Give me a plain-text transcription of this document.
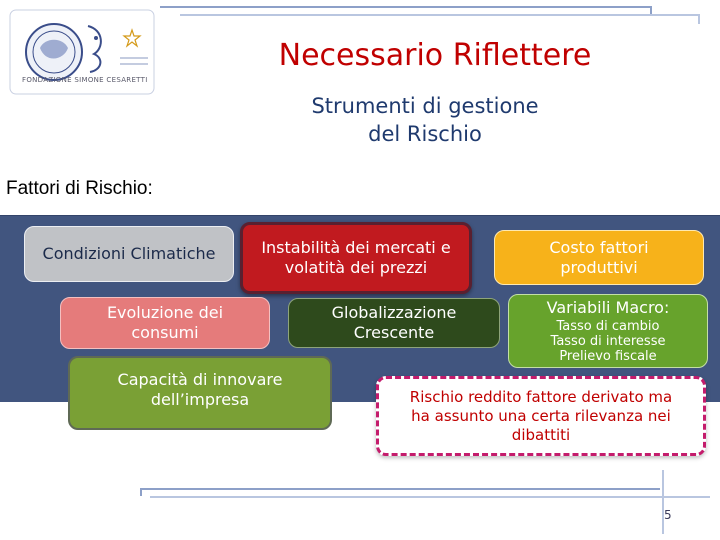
FONDAZIONE SIMONE CESARETTI
Necessario Riflettere
Strumenti di gestione
del Rischio
Fattori di Rischio:
Condizioni Climatiche	Instabilità dei mercati e
volatità dei prezzi
Costo fattori
produttivi
Evoluzione dei
consumi
Globalizzazione
Crescente
Variabili Macro:
Tasso di cambio
Tasso di interesse
Prelievo fiscale
Capacità di innovare
dell’impresa	Rischio reddito fattore derivato ma
ha assunto una certa rilevanza nei
dibattiti
5
